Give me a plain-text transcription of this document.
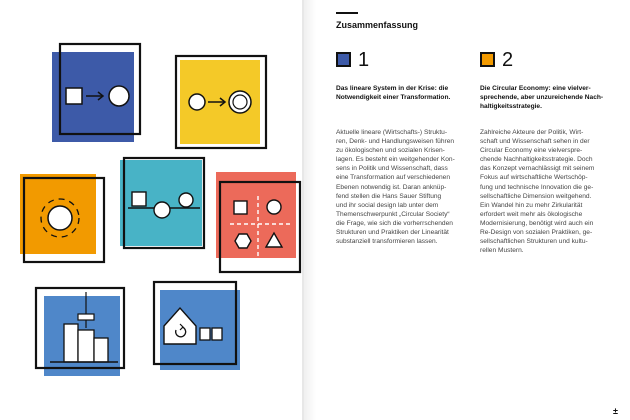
Zusammenfassung
1
Das lineare System in der Krise: die Notwendigkeit einer Transformation.
Aktuelle lineare (Wirtschafts-) Struktu-
ren, Denk- und Handlungsweisen führen
zu ökologischen und sozialen Krisen-
lagen. Es besteht ein weitgehender Kon-
sens in Politik und Wissenschaft, dass
eine Transformation auf verschiedenen
Ebenen notwendig ist. Daran anknüp-
fend stellen die Hans Sauer Stiftung
und ihr social design lab unter dem
Themenschwerpunkt „Circular Society“
die Frage, wie sich die vorherrschenden
Strukturen und Praktiken der Linearität
substanziell transformieren lassen.
2
Die Circular Economy: eine vielver-
sprechende, aber unzureichende Nach-
haltigkeitsstrategie.
Zahlreiche Akteure der Politik, Wirt-
schaft und Wissenschaft sehen in der
Circular Economy eine vielverspre-
chende Nachhaltigkeitsstrategie. Doch
das Konzept vernachlässigt mit seinem
Fokus auf wirtschaftliche Wertschöp-
fung und technische Innovation die ge-
sellschaftliche Dimension weitgehend.
Ein Wandel hin zu mehr Zirkularität
erfordert weit mehr als ökologische
Modernisierung, benötigt wird auch ein
Re-Design von sozialen Praktiken, ge-
sellschaftlichen Strukturen und kultu-
rellen Mustern.
±
